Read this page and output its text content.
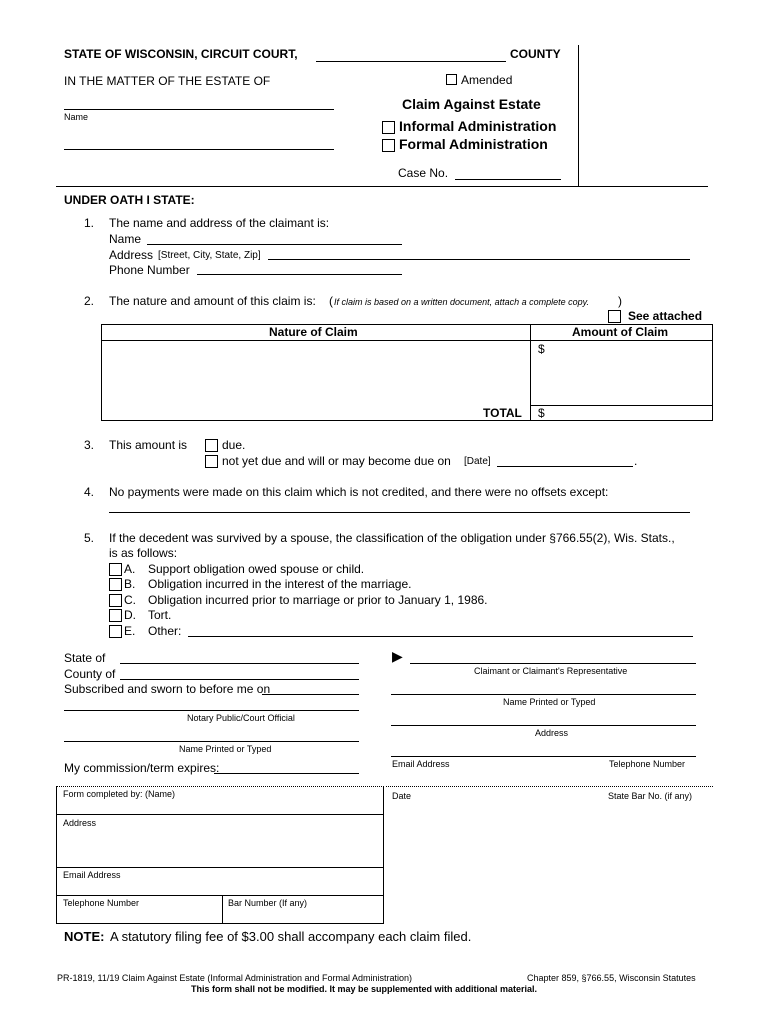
STATE OF WISCONSIN, CIRCUIT COURT,	COUNTY
IN THE MATTER OF THE ESTATE OF	Amended
Name
Claim Against Estate
Informal Administration
Formal Administration
Case No.
UNDER OATH I STATE:
1. The name and address of the claimant is:
Name
Address [Street, City, State, Zip]
Phone Number
2. The nature and amount of this claim is: ( If claim is based on a written document, attach a complete copy. )
See attached
Nature of Claim	Amount of Claim
$
TOTAL $
3. This amount is	due.
not yet due and will or may become due on [Date]	.
4. No payments were made on this claim which is not credited, and there were no offsets except:
5. If the decedent was survived by a spouse, the classification of the obligation under §766.55(2), Wis. Stats.,
is as follows:
A. Support obligation owed spouse or child.
B. Obligation incurred in the interest of the marriage.
C. Obligation incurred prior to marriage or prior to January 1, 1986.
D. Tort.
E. Other:
State of
County of
Subscribed and sworn to before me on
Notary Public/Court Official
Name Printed or Typed
My commission/term expires:
▶
Claimant or Claimant's Representative
Name Printed or Typed
Address
Email Address	Telephone Number
Date	State Bar No. (if any)
Form completed by: (Name)
Address
Email Address
Telephone Number	Bar Number (If any)
NOTE: A statutory filing fee of $3.00 shall accompany each claim filed.
PR-1819, 11/19 Claim Against Estate (Informal Administration and Formal Administration)	Chapter 859, §766.55, Wisconsin Statutes
This form shall not be modified. It may be supplemented with additional material.
